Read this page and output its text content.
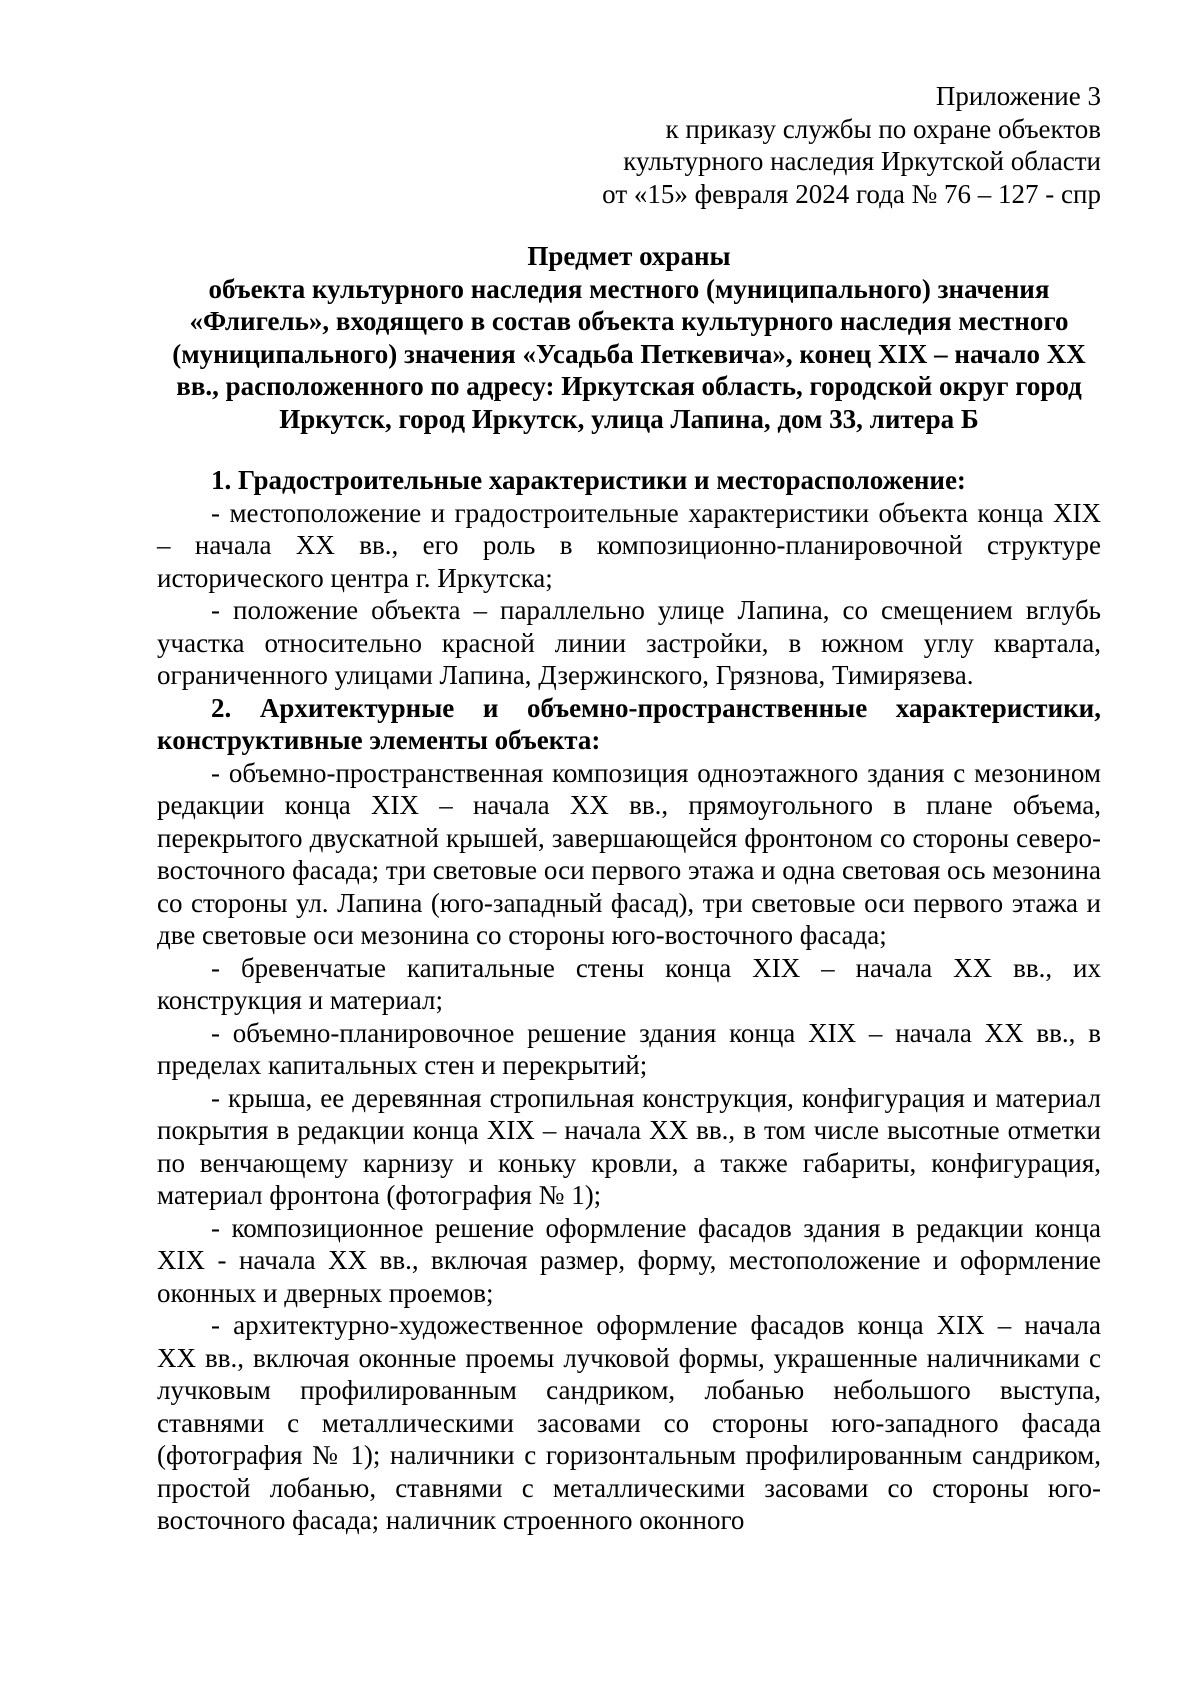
Приложение 3
к приказу службы по охране объектов
культурного наследия Иркутской области
от «15» февраля 2024 года № 76 – 127 - спр
Предмет охраны
объекта культурного наследия местного (муниципального) значения «Флигель», входящего в состав объекта культурного наследия местного (муниципального) значения «Усадьба Петкевича», конец XIX – начало XX вв., расположенного по адресу: Иркутская область, городской округ город Иркутск, город Иркутск, улица Лапина, дом 33, литера Б
1. Градостроительные характеристики и месторасположение:
- местоположение и градостроительные характеристики объекта конца XIX – начала XX вв., его роль в композиционно-планировочной структуре исторического центра г. Иркутска;
- положение объекта – параллельно улице Лапина, со смещением вглубь участка относительно красной линии застройки, в южном углу квартала, ограниченного улицами Лапина, Дзержинского, Грязнова, Тимирязева.
2. Архитектурные и объемно-пространственные характеристики, конструктивные элементы объекта:
- объемно-пространственная композиция одноэтажного здания с мезонином редакции конца XIX – начала XX вв., прямоугольного в плане объема, перекрытого двускатной крышей, завершающейся фронтоном со стороны северо-восточного фасада; три световые оси первого этажа и одна световая ось мезонина со стороны ул. Лапина (юго-западный фасад), три световые оси первого этажа и две световые оси мезонина со стороны юго-восточного фасада;
- бревенчатые капитальные стены конца XIX – начала XX вв., их конструкция и материал;
- объемно-планировочное решение здания конца XIX – начала XX вв., в пределах капитальных стен и перекрытий;
- крыша, ее деревянная стропильная конструкция, конфигурация и материал покрытия в редакции конца XIX – начала XX вв., в том числе высотные отметки по венчающему карнизу и коньку кровли, а также габариты, конфигурация, материал фронтона (фотография № 1);
- композиционное решение оформление фасадов здания в редакции конца XIX - начала XX вв., включая размер, форму, местоположение и оформление оконных и дверных проемов;
- архитектурно-художественное оформление фасадов конца XIX – начала XX вв., включая оконные проемы лучковой формы, украшенные наличниками с лучковым профилированным сандриком, лобанью небольшого выступа, ставнями с металлическими засовами со стороны юго-западного фасада (фотография № 1); наличники с горизонтальным профилированным сандриком, простой лобанью, ставнями с металлическими засовами со стороны юго-восточного фасада; наличник строенного оконного
